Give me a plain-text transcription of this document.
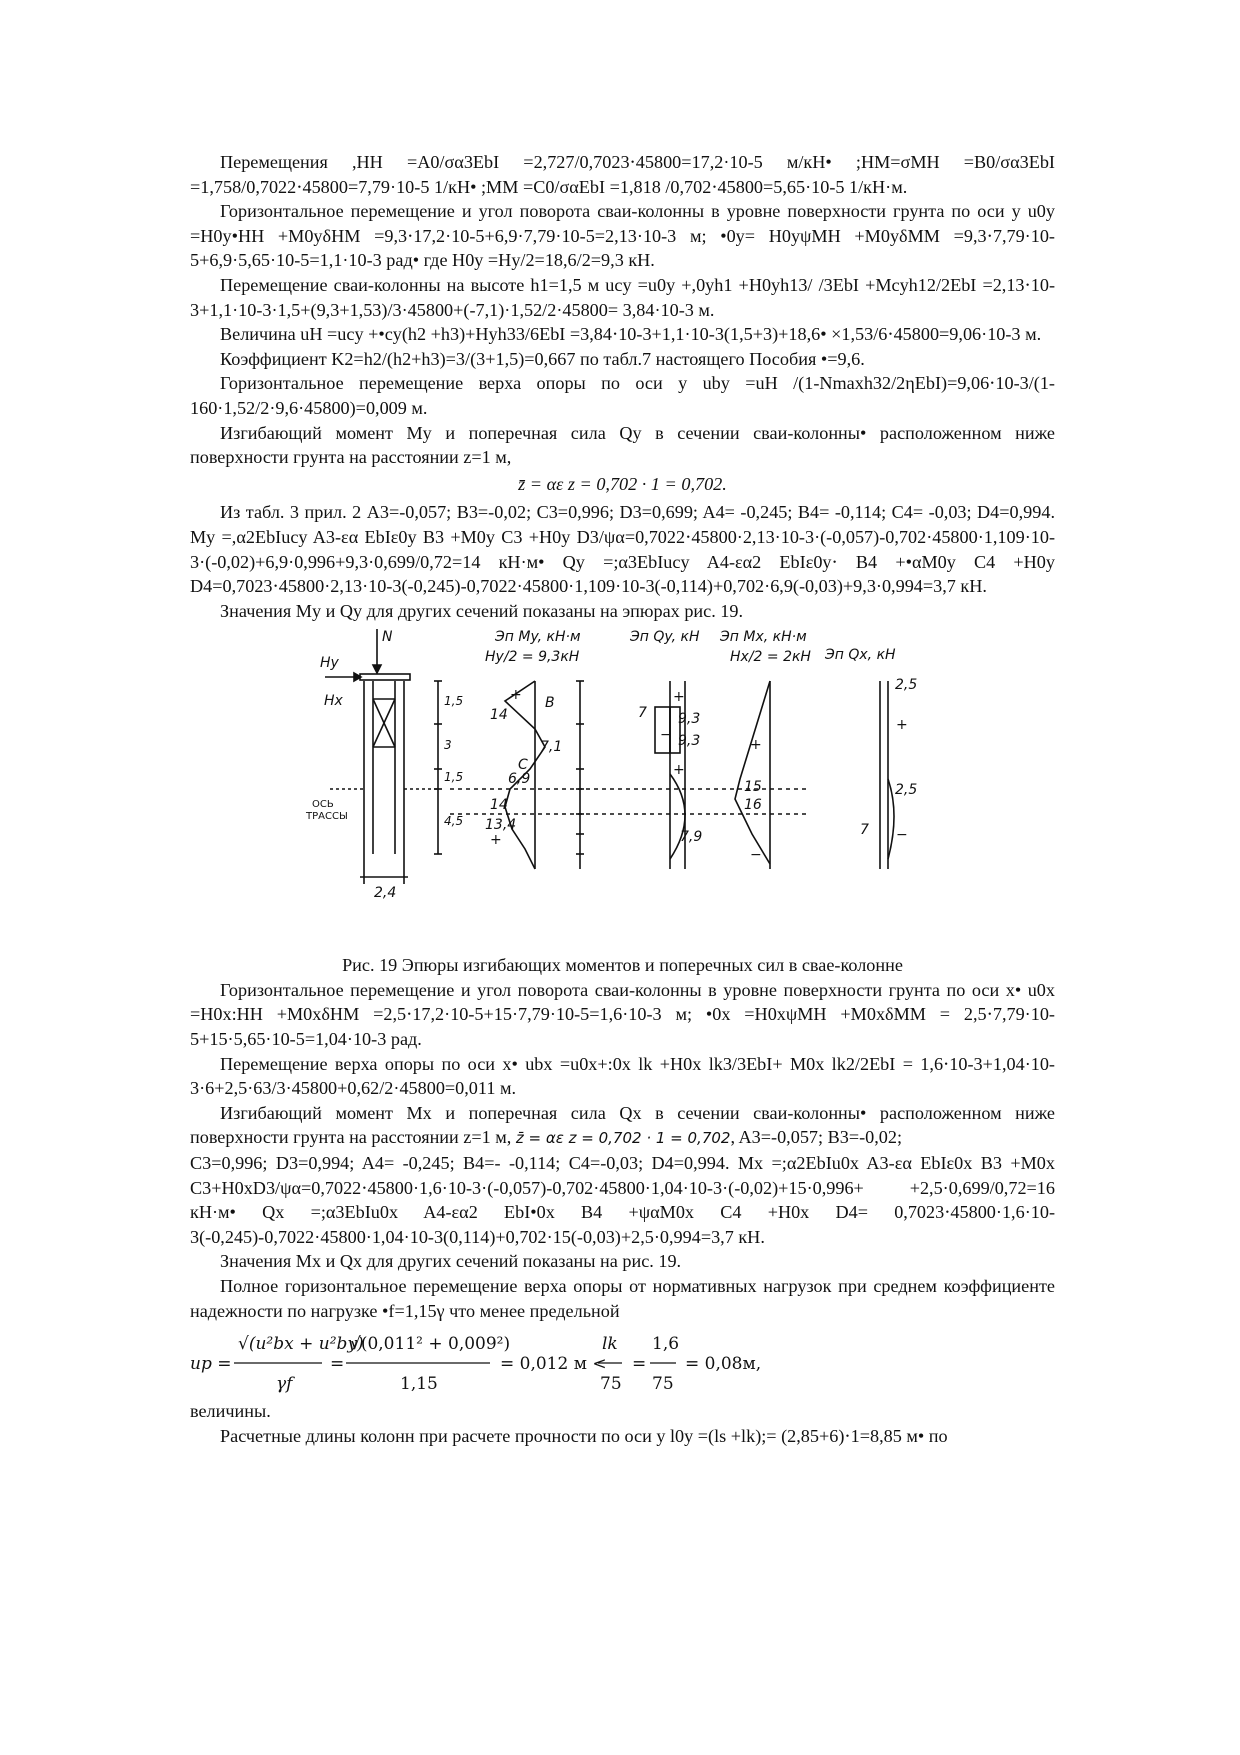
Перемещения ,HH =A0/σα3EbI =2,727/0,7023⋅45800=17,2·10-5 м/кН• ;HM=σMH =B0/σα3EbI =1,758/0,7022⋅45800=7,79·10-5 1/кН• ;MM =C0/σαEbI =1,818 /0,702⋅45800=5,65·10-5 1/кН·м.

Горизонтальное перемещение и угол поворота сваи-колонны в уровне поверхности грунта по оси y u0y =H0y•HH +M0yδHM =9,3⋅17,2·10-5+6,9·7,79·10-5=2,13·10-3 м; •0y= H0yψMH +M0yδMM =9,3⋅7,79·10-5+6,9·5,65·10-5=1,1·10-3 рад• где H0y =Hy/2=18,6/2=9,3 кН.

Перемещение сваи-колонны на высоте h1=1,5 м ucy =u0y +,0yh1 +H0yh13/ /3EbI +Mcyh12/2EbI =2,13⋅10-3+1,1·10-3·1,5+(9,3+1,53)/3·45800+(-7,1)·1,52/2·45800= 3,84·10-3 м.

Величина uH =ucy +•cy(h2 +h3)+Hyh33/6EbI =3,84⋅10-3+1,1·10-3(1,5+3)+18,6• ×1,53/6⋅45800=9,06·10-3 м.

Коэффициент K2=h2/(h2+h3)=3/(3+1,5)=0,667 по табл.7 настоящего Пособия •=9,6.

Горизонтальное перемещение верха опоры по оси y uby =uH /(1-Nmaxh32/2ηEbI)=9,06⋅10-3/(1-160·1,52/2·9,6·45800)=0,009 м.

Изгибающий момент My и поперечная сила Qy в сечении сваи-колонны• расположенном ниже поверхности грунта на расстоянии z=1 м,

z̄ = αε z = 0,702 · 1 = 0,702.

Из табл. 3 прил. 2 A3=-0,057; B3=-0,02; C3=0,996; D3=0,699; A4= -0,245; B4= -0,114; C4= -0,03; D4=0,994. My =,α2EbIucy A3-εα EbIε0y B3 +M0y C3 +H0y D3/ψα=0,7022⋅45800·2,13·10-3·(-0,057)-0,702·45800·1,109·10-3·(-0,02)+6,9·0,996+9,3·0,699/0,72=14 кН·м• Qy =;α3EbIucy A4-εα2 EbIε0y⋅ B4 +•αM0y C4 +H0y D4=0,7023⋅45800·2,13·10-3(-0,245)-0,7022·45800·1,109·10-3(-0,114)+0,702·6,9(-0,03)+9,3·0,994=3,7 кН.

Значения My и Qy для других сечений показаны на эпюрах рис. 19.

N
Hy
Hx
ОСЬ
ТРАССЫ
2,4
1,5
3
1,5
4,5
Эп My, кН·м	Эп Qy, кН Эп Mx, кН·м
Эп Qx, кН
Hy/2 = 9,3кН	Hx/2 = 2кН
B
C
14
7,1
6,9
14
13,4
7 9,3
9,3
7,9
15
16
2,5
2,5
7
+
+
−
+
+
+
−
+
−

Рис. 19 Эпюры изгибающих моментов и поперечных сил в свае-колонне

Горизонтальное перемещение и угол поворота сваи-колонны в уровне поверхности грунта по оси x• u0x =H0x:HH +M0xδHM =2,5⋅17,2·10-5+15·7,79·10-5=1,6·10-3 м; •0x =H0xψMH +M0xδMM = 2,5⋅7,79·10-5+15·5,65·10-5=1,04·10-3 рад.

Перемещение верха опоры по оси x• ubx =u0x+:0x lk +H0x lk3/3EbI+ M0x lk2/2EbI = 1,6⋅10-3+1,04·10-3·6+2,5·63/3·45800+0,62/2·45800=0,011 м.

Изгибающий момент Mx и поперечная сила Qx в сечении сваи-колонны• расположенном ниже поверхности грунта на расстоянии z=1 м, z̄ = αε z = 0,702 · 1 = 0,702, A3=-0,057; B3=-0,02;

C3=0,996; D3=0,994; A4= -0,245; B4=- -0,114; C4=-0,03; D4=0,994. Mx =;α2EbIu0x A3-εα EbIε0x B3 +M0x C3+H0xD3/ψα=0,7022⋅45800·1,6·10-3·(-0,057)-0,702·45800·1,04·10-3·(-0,02)+15·0,996+ +2,5·0,699/0,72=16 кН·м• Qx =;α3EbIu0x A4-εα2 EbI•0x B4 +ψαM0x C4 +H0x D4= 0,7023⋅45800·1,6·10-3(-0,245)-0,7022·45800·1,04·10-3(0,114)+0,702·15(-0,03)+2,5·0,994=3,7 кН.

Значения Mx и Qx для других сечений показаны на рис. 19.

Полное горизонтальное перемещение верха опоры от нормативных нагрузок при среднем коэффициенте надежности по нагрузке •f=1,15γ что менее предельной

up =
√(u²bx + u²by)
γf
=
√(0,011² + 0,009²)
1,15
= 0,012 м <
lk
75
=
1,6
75
= 0,08м,

величины.

Расчетные длины колонн при расчете прочности по оси y l0y =(ls +lk);= (2,85+6)⋅1=8,85 м• по
